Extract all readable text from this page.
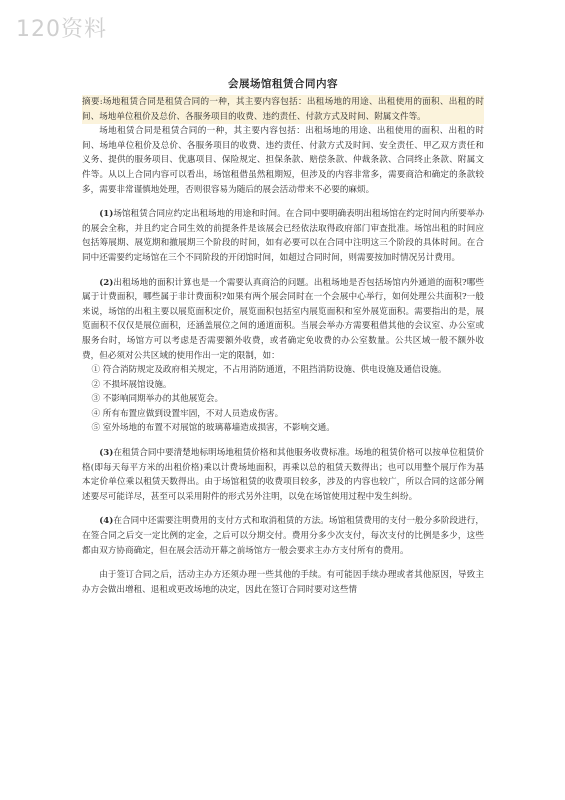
120资料
会展场馆租赁合同内容

摘要:场地租赁合同是租赁合同的一种，其主要内容包括：出租场地的用途、出租使用的面积、出租的时间、场地单位租价及总价、各服务项目的收费、违约责任、付款方式及时间、附属文件等。

场地租赁合同是租赁合同的一种，其主要内容包括：出租场地的用途、出租使用的面积、出租的时间、场地单位租价及总价、各服务项目的收费、违约责任、付款方式及时间、安全责任、甲乙双方责任和义务、提供的服务项目、优惠项目、保险规定、担保条款、赔偿条款、仲裁条款、合同终止条款、附属文件等。从以上合同内容可以看出，场馆租借虽然租期短，但涉及的内容非常多，需要商洽和确定的条款较多，需要非常谨慎地处理，否则很容易为随后的展会活动带来不必要的麻烦。

(1)场馆租赁合同应约定出租场地的用途和时间。在合同中要明确表明出租场馆在约定时间内所要举办的展会全称，并且约定合同生效的前提条件是该展会已经依法取得政府部门审查批准。场馆出租的时间应包括筹展期、展览期和撤展期三个阶段的时间，如有必要可以在合同中注明这三个阶段的具体时间。在合同中还需要约定场馆在三个不同阶段的开闭馆时间，如超过合同时间，则需要按加时情况另计费用。

(2)出租场地的面积计算也是一个需要认真商洽的问题。出租场地是否包括场馆内外通道的面积?哪些属于计费面积，哪些属于非计费面积?如果有两个展会同时在一个会展中心举行，如何处理公共面积?一般来说，场馆的出租主要以展览面积定价，展览面积包括室内展览面积和室外展览面积。需要指出的是，展览面积不仅仅是展位面积，还涵盖展位之间的通道面积。当展会举办方需要租借其他的会议室、办公室或服务台时，场馆方可以考虑是否需要额外收费，或者确定免收费的办公室数量。公共区域一般不额外收费，但必须对公共区域的使用作出一定的限制，如：

① 符合消防规定及政府相关规定，不占用消防通道，不阻挡消防设施、供电设施及通信设施。

② 不损坏展馆设施。

③ 不影响同期举办的其他展览会。

④ 所有布置应做到设置牢固，不对人员造成伤害。

⑤ 室外场地的布置不对展馆的玻璃幕墙造成损害，不影响交通。

(3)在租赁合同中要清楚地标明场地租赁价格和其他服务收费标准。场地的租赁价格可以按单位租赁价格(即每天每平方米的出租价格)乘以计费场地面积，再乘以总的租赁天数得出；也可以用整个展厅作为基本定价单位乘以租赁天数得出。由于场馆租赁的收费项目较多，涉及的内容也较广，所以合同的这部分阐述要尽可能详尽，甚至可以采用附件的形式另外注明，以免在场馆使用过程中发生纠纷。

(4)在合同中还需要注明费用的支付方式和取消租赁的方法。场馆租赁费用的支付一般分多阶段进行，在签合同之后交一定比例的定金，之后可以分期交付。费用分多少次支付，每次支付的比例是多少，这些都由双方协商确定，但在展会活动开幕之前场馆方一般会要求主办方支付所有的费用。

由于签订合同之后，活动主办方还须办理一些其他的手续。有可能因手续办理或者其他原因，导致主办方会做出增租、退租或更改场地的决定，因此在签订合同时要对这些情
